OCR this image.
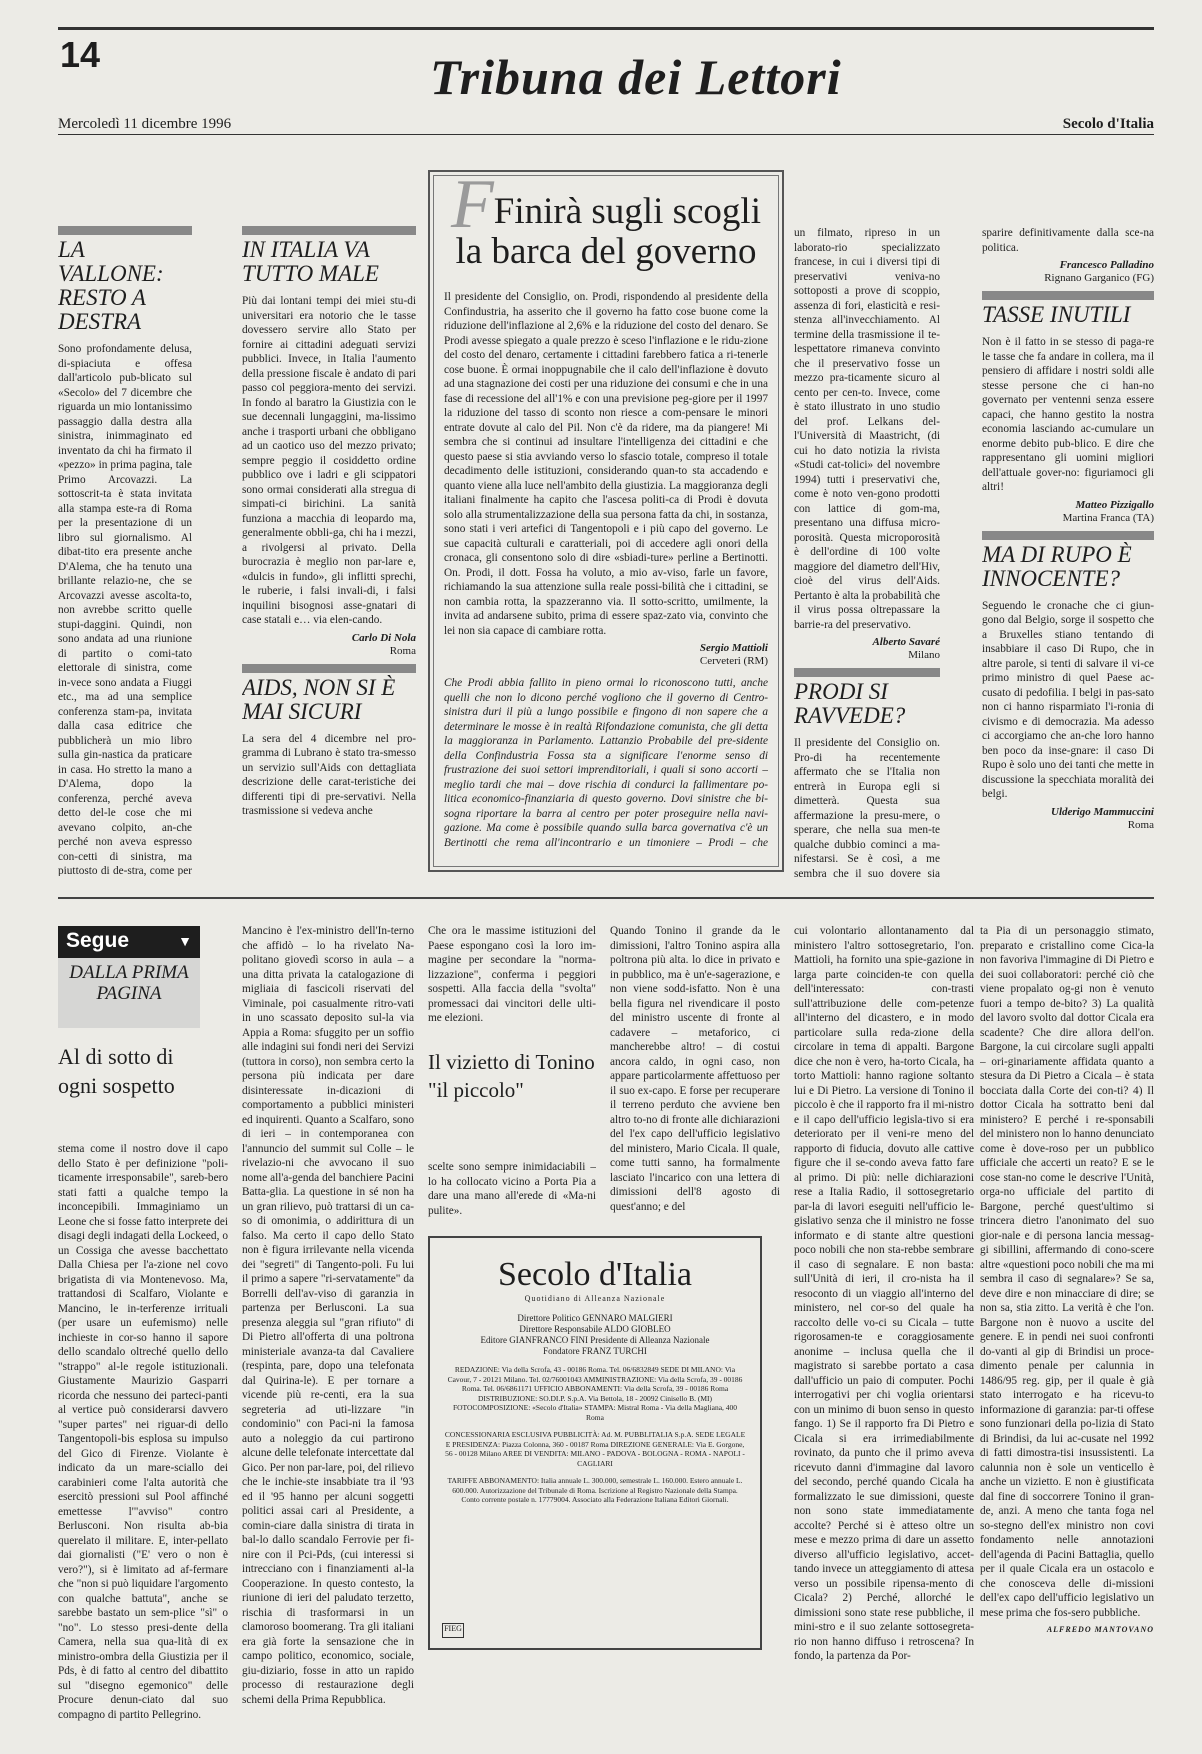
14	Tribuna dei Lettori
Mercoledì 11 dicembre 1996	Secolo d'Italia
LA VALLONE: RESTO A DESTRA

Sono profondamente delusa, di-spiaciuta e offesa dall'articolo pub-blicato sul «Secolo» del 7 dicembre che riguarda un mio lontanissimo passaggio dalla destra alla sinistra, inimmaginato ed inventato da chi ha firmato il «pezzo» in prima pagina, tale Primo Arcovazzi. La sottoscrit-ta è stata invitata alla stampa este-ra di Roma per la presentazione di un libro sul giornalismo. Al dibat-tito era presente anche D'Alema, che ha tenuto una brillante relazio-ne, che se Arcovazzi avesse ascolta-to, non avrebbe scritto quelle stupi-daggini. Quindi, non sono andata ad una riunione di partito o comi-tato elettorale di sinistra, come in-vece sono andata a Fiuggi etc., ma ad una semplice conferenza stam-pa, invitata dalla casa editrice che pubblicherà un mio libro sulla gin-nastica da praticare in casa. Ho stretto la mano a D'Alema, dopo la conferenza, perché aveva detto del-le cose che mi avevano colpito, an-che perché non aveva espresso con-cetti di sinistra, ma piuttosto di de-stra, come per

IN ITALIA VA TUTTO MALE

Più dai lontani tempi dei miei stu-di universitari era notorio che le tasse dovessero servire allo Stato per fornire ai cittadini adeguati servizi pubblici. Invece, in Italia l'aumento della pressione fiscale è andato di pari passo col peggiora-mento dei servizi. In fondo al baratro la Giustizia con le sue decennali lungaggini, ma-lissimo anche i trasporti urbani che obbligano ad un caotico uso del mezzo privato; sempre peggio il cosiddetto ordine pubblico ove i ladri e gli scippatori sono ormai considerati alla stregua di simpati-ci birichini. La sanità funziona a macchia di leopardo ma, generalmente obbli-ga, chi ha i mezzi, a rivolgersi al privato. Della burocrazia è meglio non par-lare e, «dulcis in fundo», gli inflitti sprechi, le ruberie, i falsi invali-di, i falsi inquilini bisognosi asse-gnatari di case statali e… via elen-cando.

Carlo Di Nola
Roma
AIDS, NON SI È MAI SICURI

La sera del 4 dicembre nel pro-gramma di Lubrano è stato tra-smesso un servizio sull'Aids con dettagliata descrizione delle carat-teristiche dei differenti tipi di pre-servativi. Nella trasmissione si vedeva anche

FFinirà sugli scogli la barca del governo

Il presidente del Consiglio, on. Prodi, rispondendo al presidente della Confindustria, ha asserito che il governo ha fatto cose buone come la riduzione dell'inflazione al 2,6% e la riduzione del costo del denaro. Se Prodi avesse spiegato a quale prezzo è sceso l'inflazione e le ridu-zione del costo del denaro, certamente i cittadini farebbero fatica a ri-tenerle cose buone. È ormai inoppugnabile che il calo dell'inflazione è dovuto ad una stagnazione dei costi per una riduzione dei consumi e che in una fase di recessione del all'1% e con una previsione peg-giore per il 1997 la riduzione del tasso di sconto non riesce a com-pensare le minori entrate dovute al calo del Pil. Non c'è da ridere, ma da piangere! Mi sembra che si continui ad insultare l'intelligenza dei cittadini e che questo paese si stia avviando verso lo sfascio totale, compreso il totale decadimento delle istituzioni, considerando quan-to sta accadendo e quanto viene alla luce nell'ambito della giustizia. La maggioranza degli italiani finalmente ha capito che l'ascesa politi-ca di Prodi è dovuta solo alla strumentalizzazione della sua persona fatta da chi, in sostanza, sono stati i veri artefici di Tangentopoli e i più capo del governo. Le sue capacità culturali e caratteriali, poi di accedere agli onori della cronaca, gli consentono solo di dire «sbiadi-ture» perline a Bertinotti. On. Prodi, il dott. Fossa ha voluto, a mio av-viso, farle un favore, richiamando la sua attenzione sulla reale possi-bilità che i cittadini, se non cambia rotta, la spazzeranno via. Il sotto-scritto, umilmente, la invita ad andarsene subito, prima di essere spaz-zato via, convinto che lei non sia capace di cambiare rotta.

Sergio Mattioli
Cerveteri (RM)

Che Prodi abbia fallito in pieno ormai lo riconoscono tutti, anche quelli che non lo dicono perché vogliono che il governo di Centro-sinistra duri il più a lungo possibile e fingono di non sapere che a determinare le mosse è in realtà Rifondazione comunista, che gli detta la maggioranza in Parlamento. Lattanzio Probabile del pre-sidente della Confindustria Fossa sta a significare l'enorme senso di frustrazione dei suoi settori imprenditoriali, i quali si sono accorti – meglio tardi che mai – dove rischia di condurci la fallimentare po-litica economico-finanziaria di questo governo. Dovi sinistre che bi-sogna riportare la barra al centro per poter proseguire nella navi-gazione. Ma come è possibile quando sulla barca governativa c'è un Bertinotti che rema all'incontrario e un timoniere – Prodi – che

un filmato, ripreso in un laborato-rio specializzato francese, in cui i diversi tipi di preservativi veniva-no sottoposti a prove di scoppio, assenza di fori, elasticità e resi-stenza all'invecchiamento. Al termine della trasmissione il te-lespettatore rimaneva convinto che il preservativo fosse un mezzo pra-ticamente sicuro al cento per cen-to. Invece, come è stato illustrato in uno studio del prof. Lelkans del-l'Università di Maastricht, (di cui ho dato notizia la rivista «Studi cat-tolici» del novembre 1994) tutti i preservativi che, come è noto ven-gono prodotti con lattice di gom-ma, presentano una diffusa micro-porosità. Questa microporosità è dell'ordine di 100 volte maggiore del diametro dell'Hiv, cioè del virus dell'Aids. Pertanto è alta la probabilità che il virus possa oltrepassare la barrie-ra del preservativo.

Alberto Savaré
Milano
PRODI SI RAVVEDE?

Il presidente del Consiglio on. Pro-di ha recentemente affermato che se l'Italia non entrerà in Europa egli si dimetterà. Questa sua affermazione la presu-mere, o sperare, che nella sua men-te qualche dubbio cominci a ma-nifestarsi. Se è così, a me sembra che il suo dovere sia

sparire definitivamente dalla sce-na politica.

Francesco Palladino
Rignano Garganico (FG)
TASSE INUTILI

Non è il fatto in se stesso di paga-re le tasse che fa andare in collera, ma il pensiero di affidare i nostri soldi alle stesse persone che ci han-no governato per ventenni senza essere capaci, che hanno gestito la nostra economia lasciando ac-cumulare un enorme debito pub-blico. E dire che rappresentano gli uomini migliori dell'attuale gover-no: figuriamoci gli altri!

Matteo Pizzigallo
Martina Franca (TA)
MA DI RUPO È INNOCENTE?

Seguendo le cronache che ci giun-gono dal Belgio, sorge il sospetto che a Bruxelles stiano tentando di insabbiare il caso Di Rupo, che in altre parole, si tenti di salvare il vi-ce primo ministro di quel Paese ac-cusato di pedofilia. I belgi in pas-sato non ci hanno risparmiato l'i-ronia di civismo e di democrazia. Ma adesso ci accorgiamo che an-che loro hanno ben poco da inse-gnare: il caso Di Rupo è solo uno dei tanti che mette in discussione la specchiata moralità dei belgi.

Ulderigo Mammuccini
Roma
Segue	▼
DALLA PRIMA PAGINA
Al di sotto di ogni sospetto

stema come il nostro dove il capo dello Stato è per definizione "poli-ticamente irresponsabile", sareb-bero stati fatti a qualche tempo la inconcepibili. Immaginiamo un Leone che si fosse fatto interprete dei disagi degli indagati della Lockeed, o un Cossiga che avesse bacchettato Dalla Chiesa per l'a-zione nel covo brigatista di via Montenevoso. Ma, trattandosi di Scalfaro, Violante e Mancino, le in-terferenze irrituali (per usare un eufemismo) nelle inchieste in cor-so hanno il sapore dello scandalo oltreché quello dello "strappo" al-le regole istituzionali. Giustamente Maurizio Gasparri ricorda che nessuno dei parteci-panti al vertice può considerarsi davvero "super partes" nei riguar-di dello Tangentopoli-bis esplosa su impulso del Gico di Firenze. Violante è indicato da un mare-sciallo dei carabinieri come l'alta autorità che esercitò pressioni sul Pool affinché emettesse l'"avviso" contro Berlusconi. Non risulta ab-bia querelato il militare. E, inter-pellato dai giornalisti ("E' vero o non è vero?"), si è limitato ad af-fermare che "non si può liquidare l'argomento con qualche battuta", anche se sarebbe bastato un sem-plice "sì" o "no". Lo stesso presi-dente della Camera, nella sua qua-lità di ex ministro-ombra della Giustizia per il Pds, è di fatto al centro del dibattito sul "disegno egemonico" delle Procure denun-ciato dal suo compagno di partito Pellegrino.

Mancino è l'ex-ministro dell'In-terno che affidò – lo ha rivelato Na-politano giovedì scorso in aula – a una ditta privata la catalogazione di migliaia di fascicoli riservati del Viminale, poi casualmente ritro-vati in uno scassato deposito sul-la via Appia a Roma: sfuggito per un soffio alle indagini sui fondi neri dei Servizi (tuttora in corso), non sembra certo la persona più indicata per dare disinteressate in-dicazioni di comportamento a pubblici ministeri ed inquirenti. Quanto a Scalfaro, sono di ieri – in contemporanea con l'annuncio del summit sul Colle – le rivelazio-ni che avvocano il suo nome all'a-genda del banchiere Pacini Batta-glia. La questione in sé non ha un gran rilievo, può trattarsi di un ca-so di omonimia, o addirittura di un falso. Ma certo il capo dello Stato non è figura irrilevante nella vicenda dei "segreti" di Tangento-poli. Fu lui il primo a sapere "ri-servatamente" da Borrelli dell'av-viso di garanzia in partenza per Berlusconi. La sua presenza aleggia sul "gran rifiuto" di Di Pietro all'offerta di una poltrona ministeriale avanza-ta dal Cavaliere (respinta, pare, dopo una telefonata dal Quirina-le). E per tornare a vicende più re-centi, era la sua segreteria ad uti-lizzare "in condominio" con Paci-ni la famosa auto a noleggio da cui partirono alcune delle telefonate intercettate dal Gico. Per non par-lare, poi, del rilievo che le inchie-ste insabbiate tra il '93 ed il '95 hanno per alcuni soggetti politici assai cari al Presidente, a comin-ciare dalla sinistra di tirata in bal-lo dallo scandalo Ferrovie per fi-nire con il Pci-Pds, (cui interessi si intrecciano con i finanziamenti al-la Cooperazione. In questo contesto, la riunione di ieri del paludato terzetto, rischia di trasformarsi in un clamoroso boomerang. Tra gli italiani era già forte la sensazione che in campo politico, economico, sociale, giu-diziario, fosse in atto un rapido processo di restaurazione degli schemi della Prima Repubblica.

Che ora le massime istituzioni del Paese espongano così la loro im-magine per secondare la "norma-lizzazione", conferma i peggiori sospetti. Alla faccia della "svolta" promessaci dai vincitori delle ulti-me elezioni.

Il vizietto di Tonino "il piccolo"

scelte sono sempre inimidaciabili – lo ha collocato vicino a Porta Pia a dare una mano all'erede di «Ma-ni pulite».

Quando Tonino il grande da le dimissioni, l'altro Tonino aspira alla poltrona più alta. lo dice in privato e in pubblico, ma è un'e-sagerazione, e non viene sodd-isfatto. Non è una bella figura nel rivendicare il posto del ministro uscente di fronte al cadavere – metaforico, ci mancherebbe altro! – di costui ancora caldo, in ogni caso, non appare particolarmente affettuoso per il suo ex-capo. E forse per recuperare il terreno perduto che avviene ben altro to-no di fronte alle dichiarazioni del l'ex capo dell'ufficio legislativo del ministero, Mario Cicala. Il quale, come tutti sanno, ha formalmente lasciato l'incarico con una lettera di dimissioni dell'8 agosto di quest'anno; e del

cui volontario allontanamento dal ministero l'altro sottosegretario, l'on. Mattioli, ha fornito una spie-gazione in larga parte coinciden-te con quella dell'interessato: con-trasti sull'attribuzione delle com-petenze all'interno del dicastero, e in modo particolare sulla reda-zione della circolare in tema di appalti. Bargone dice che non è vero, ha-torto Cicala, ha torto Mattioli: hanno ragione soltanto lui e Di Pietro. La versione di Tonino il piccolo è che il rapporto fra il mi-nistro e il capo dell'ufficio legisla-tivo si era deteriorato per il veni-re meno del rapporto di fiducia, dovuto alle cattive figure che il se-condo aveva fatto fare al primo. Di più: nelle dichiarazioni rese a Italia Radio, il sottosegretario par-la di lavori eseguiti nell'ufficio le-gislativo senza che il ministro ne fosse informato e di stante altre questioni poco nobili che non sta-rebbe sembrare il caso di segnalare. E non basta: sull'Unità di ieri, il cro-nista ha il resoconto di un viaggio all'interno del ministero, nel cor-so del quale ha raccolto delle vo-ci su Cicala – tutte rigorosamen-te e coraggiosamente anonime – inclusa quella che il magistrato si sarebbe portato a casa dall'ufficio un paio di computer. Pochi interrogativi per chi voglia orientarsi con un minimo di buon senso in questo fango. 1) Se il rapporto fra Di Pietro e Cicala si era irrimediabilmente rovinato, da punto che il primo aveva ricevuto danni d'immagine dal lavoro del secondo, perché quando Cicala ha formalizzato le sue dimissioni, queste non sono state immediatamente accolte? Perché si è atteso oltre un mese e mezzo prima di dare un assetto diverso all'ufficio legislativo, accet-tando invece un atteggiamento di attesa verso un possibile ripensa-mento di Cicala? 2) Perché, allorché le dimissioni sono state rese pubbliche, il mini-stro e il suo zelante sottosegreta-rio non hanno diffuso i retroscena? In fondo, la partenza da Por-

ta Pia di un personaggio stimato, preparato e cristallino come Cica-la non favoriva l'immagine di Di Pietro e dei suoi collaboratori: perché ciò che viene propalato og-gi non è venuto fuori a tempo de-bito? 3) La qualità del lavoro svolto dal dottor Cicala era scadente? Che dire allora dell'on. Bargone, la cui circolare sugli appalti – ori-ginariamente affidata quanto a stesura da Di Pietro a Cicala – è stata bocciata dalla Corte dei con-ti? 4) Il dottor Cicala ha sottratto beni dal ministero? E perché i re-sponsabili del ministero non lo hanno denunciato come è dove-roso per un pubblico ufficiale che accerti un reato? E se le cose stan-no come le descrive l'Unità, orga-no ufficiale del partito di Bargone, perché quest'ultimo si trincera dietro l'anonimato del suo gior-nale e di persona lancia messag-gi sibillini, affermando di cono-scere altre «questioni poco nobili che ma mi sembra il caso di segnalare»? Se sa, deve dire e non minacciare di dire; se non sa, stia zitto. La verità è che l'on. Bargone non è nuovo a uscite del genere. E in pendi nei suoi confronti do-vanti al gip di Brindisi un proce-dimento penale per calunnia in 1486/95 reg. gip, per il quale è già stato interrogato e ha ricevu-to informazione di garanzia: par-ti offese sono funzionari della po-lizia di Stato di Brindisi, da lui ac-cusate nel 1992 di fatti dimostra-tisi insussistenti. La calunnia non è sole un venticello è anche un vizietto. E non è giustificata dal fine di soccorrere Tonino il gran-de, anzi. A meno che tanta foga nel so-stegno dell'ex ministro non covi fondamento nelle annotazioni dell'agenda di Pacini Battaglia, quello per il quale Cicala era un ostacolo e che conosceva delle di-missioni dell'ex capo dell'ufficio legislativo un mese prima che fos-sero pubbliche.

ALFREDO MANTOVANO
Secolo d'Italia
Quotidiano di Alleanza Nazionale
Direttore Politico GENNARO MALGIERI
Direttore Responsabile ALDO GIOBLEO
Editore GIANFRANCO FINI Presidente di Alleanza Nazionale
Fondatore FRANZ TURCHI
REDAZIONE: Via della Scrofa, 43 - 00186 Roma. Tel. 06/6832849 SEDE DI MILANO: Via Cavour, 7 - 20121 Milano. Tel. 02/76001043 AMMINISTRAZIONE: Via della Scrofa, 39 - 00186 Roma. Tel. 06/6861171 UFFICIO ABBONAMENTI: Via della Scrofa, 39 - 00186 Roma DISTRIBUZIONE: SO.DI.P. S.p.A. Via Bettola, 18 - 20092 Cinisello B. (MI) FOTOCOMPOSIZIONE: «Secolo d'Italia» STAMPA: Mistral Roma - Via della Magliana, 400 Roma
CONCESSIONARIA ESCLUSIVA PUBBLICITÀ: Ad. M. PUBBLITALIA S.p.A. SEDE LEGALE E PRESIDENZA: Piazza Colonna, 360 - 00187 Roma DIREZIONE GENERALE: Via E. Gorgone, 56 - 00128 Milano AREE DI VENDITA: MILANO - PADOVA - BOLOGNA - ROMA - NAPOLI - CAGLIARI
TARIFFE ABBONAMENTO: Italia annuale L. 300.000, semestrale L. 160.000. Estero annuale L. 600.000. Autorizzazione del Tribunale di Roma. Iscrizione al Registro Nazionale della Stampa. Conto corrente postale n. 17779004. Associato alla Federazione Italiana Editori Giornali.
FIEG
